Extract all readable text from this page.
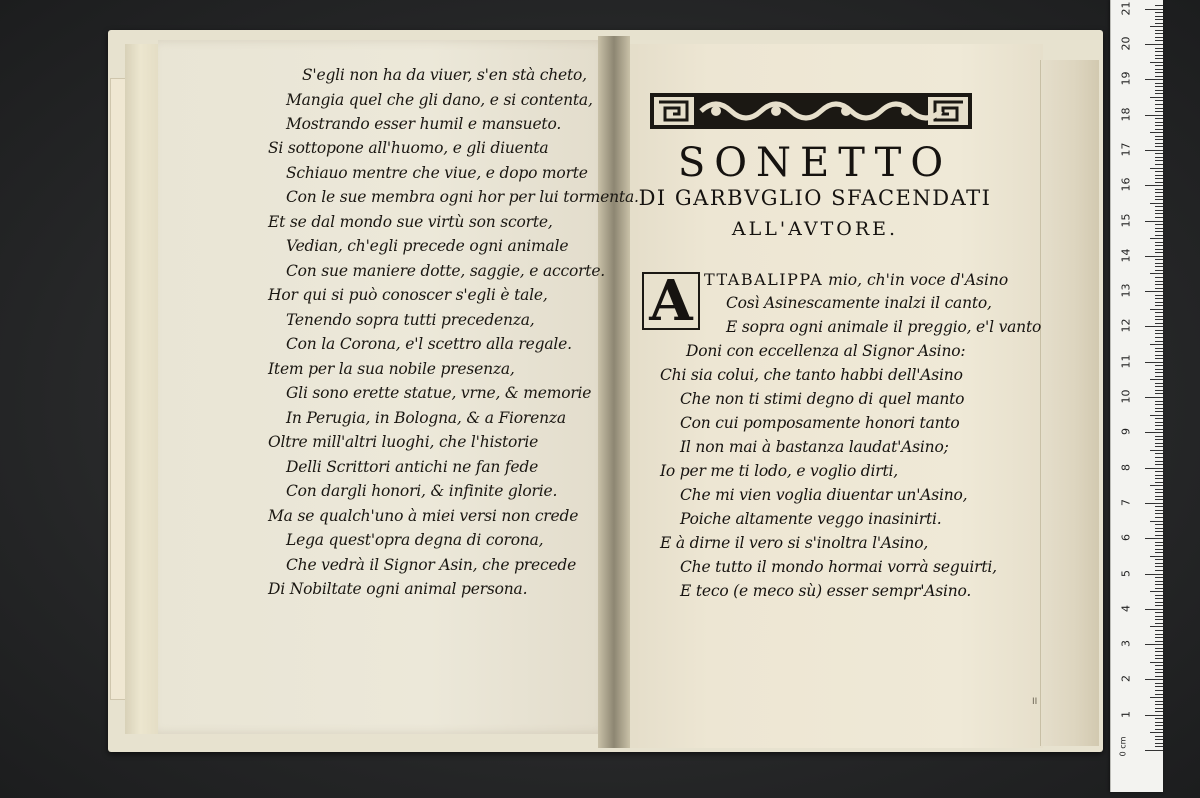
S'egli non ha da viuer, s'en stà cheto,
Mangia quel che gli dano, e si contenta,
Mostrando esser humil e mansueto.
Si sottopone all'huomo, e gli diuenta
Schiauo mentre che viue, e dopo morte
Con le sue membra ogni hor per lui tormenta.
Et se dal mondo sue virtù son scorte,
Vedian, ch'egli precede ogni animale
Con sue maniere dotte, saggie, e accorte.
Hor qui si può conoscer s'egli è tale,
Tenendo sopra tutti precedenza,
Con la Corona, e'l scettro alla regale.
Item per la sua nobile presenza,
Gli sono erette statue, vrne, & memorie
In Perugia, in Bologna, & a Fiorenza
Oltre mill'altri luoghi, che l'historie
Delli Scrittori antichi ne fan fede
Con dargli honori, & infinite glorie.
Ma se qualch'uno à miei versi non crede
Lega quest'opra degna di corona,
Che vedrà il Signor Asin, che precede
Di Nobiltate ogni animal persona.
SONETTO
DI GARBVGLIO SFACENDATI
ALL'AVTORE.
A TTABALIPPA mio, ch'in voce d'Asino
Così Asinescamente inalzi il canto,
E sopra ogni animale il preggio, e'l vanto
Doni con eccellenza al Signor Asino:
Chi sia colui, che tanto habbi dell'Asino
Che non ti stimi degno di quel manto
Con cui pomposamente honori tanto
Il non mai à bastanza laudat'Asino;
Io per me ti lodo, e voglio dirti,
Che mi vien voglia diuentar un'Asino,
Poiche altamente veggo inasinirti.
E à dirne il vero si s'inoltra l'Asino,
Che tutto il mondo hormai vorrà seguirti,
E teco (e meco sù) esser sempr'Asino.
II
0 cm
1
2
3
4
5
6
7
8
9
10
11
12
13
14
15
16
17
18
19
20
21
